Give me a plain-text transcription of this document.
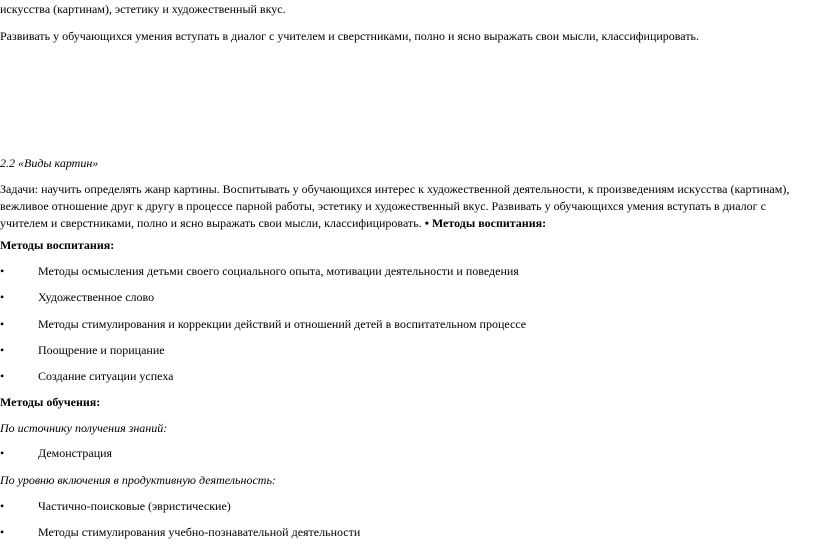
искусства (картинам), эстетику и художественный вкус.
Развивать у обучающихся умения вступать в диалог с учителем и сверстниками, полно и ясно выражать свои мысли, классифицировать.
2.2 «Виды картин»
Задачи: научить определять жанр картины. Воспитывать у обучающихся интерес к художественной деятельности, к произведениям искусства (картинам), вежливое отношение друг к другу в процессе парной работы, эстетику и художественный вкус. Развивать у обучающихся умения вступать в диалог с учителем и сверстниками, полно и ясно выражать свои мысли, классифицировать. • Методы воспитания:
Методы воспитания:
•	Методы осмысления детьми своего социального опыта, мотивации деятельности и поведения
•	Художественное слово
•	Методы стимулирования и коррекции действий и отношений детей в воспитательном процессе
•	Поощрение и порицание
•	Создание ситуации успеха
Методы обучения:
По источнику получения знаний:
•	Демонстрация
По уровню включения в продуктивную деятельность:
•	Частично-поисковые (эвристические)
•	Методы стимулирования учебно-познавательной деятельности
